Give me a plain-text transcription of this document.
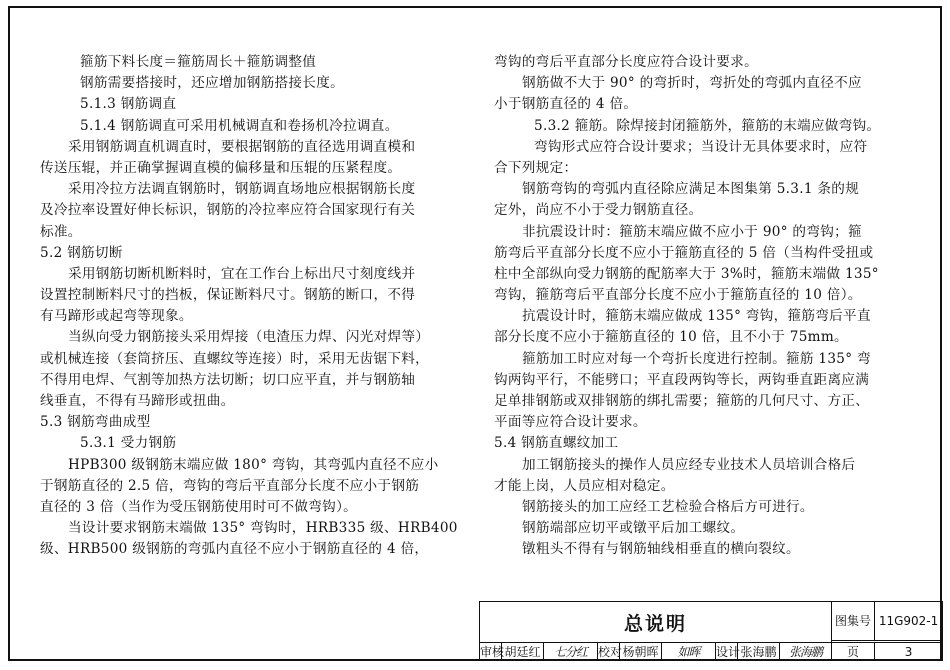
箍筋下料长度＝箍筋周长＋箍筋调整值
钢筋需要搭接时，还应增加钢筋搭接长度。
5.1.3 钢筋调直
5.1.4 钢筋调直可采用机械调直和卷扬机冷拉调直。
采用钢筋调直机调直时，要根据钢筋的直径选用调直模和
传送压辊，并正确掌握调直模的偏移量和压辊的压紧程度。
采用冷拉方法调直钢筋时，钢筋调直场地应根据钢筋长度
及冷拉率设置好伸长标识，钢筋的冷拉率应符合国家现行有关
标准。
5.2 钢筋切断
采用钢筋切断机断料时，宜在工作台上标出尺寸刻度线并
设置控制断料尺寸的挡板，保证断料尺寸。钢筋的断口，不得
有马蹄形或起弯等现象。
当纵向受力钢筋接头采用焊接（电渣压力焊、闪光对焊等）
或机械连接（套筒挤压、直螺纹等连接）时，采用无齿锯下料，
不得用电焊、气割等加热方法切断；切口应平直，并与钢筋轴
线垂直，不得有马蹄形或扭曲。
5.3 钢筋弯曲成型
5.3.1 受力钢筋
HPB300 级钢筋末端应做 180° 弯钩，其弯弧内直径不应小
于钢筋直径的 2.5 倍，弯钩的弯后平直部分长度不应小于钢筋
直径的 3 倍（当作为受压钢筋使用时可不做弯钩）。
当设计要求钢筋末端做 135° 弯钩时，HRB335 级、HRB400
级、HRB500 级钢筋的弯弧内直径不应小于钢筋直径的 4 倍，
弯钩的弯后平直部分长度应符合设计要求。
钢筋做不大于 90° 的弯折时，弯折处的弯弧内直径不应
小于钢筋直径的 4 倍。
5.3.2 箍筋。除焊接封闭箍筋外，箍筋的末端应做弯钩。
弯钩形式应符合设计要求；当设计无具体要求时，应符
合下列规定：
钢筋弯钩的弯弧内直径除应满足本图集第 5.3.1 条的规
定外，尚应不小于受力钢筋直径。
非抗震设计时：箍筋末端应做不应小于 90° 的弯钩；箍
筋弯后平直部分长度不应小于箍筋直径的 5 倍（当构件受扭或
柱中全部纵向受力钢筋的配筋率大于 3%时，箍筋末端做 135°
弯钩，箍筋弯后平直部分长度不应小于箍筋直径的 10 倍）。
抗震设计时，箍筋末端应做成 135° 弯钩，箍筋弯后平直
部分长度不应小于箍筋直径的 10 倍，且不小于 75mm。
箍筋加工时应对每一个弯折长度进行控制。箍筋 135° 弯
钩两钩平行，不能劈口；平直段两钩等长，两钩垂直距离应满
足单排钢筋或双排钢筋的绑扎需要；箍筋的几何尺寸、方正、
平面等应符合设计要求。
5.4 钢筋直螺纹加工
加工钢筋接头的操作人员应经专业技术人员培训合格后
才能上岗，人员应相对稳定。
钢筋接头的加工应经工艺检验合格后方可进行。
钢筋端部应切平或镦平后加工螺纹。
镦粗头不得有与钢筋轴线相垂直的横向裂纹。
总说明									图集号	11G902-1

审核	胡廷红	七分红	校对	杨朝晖	如晖	设计	张海鹏	张海鹏	页	3
